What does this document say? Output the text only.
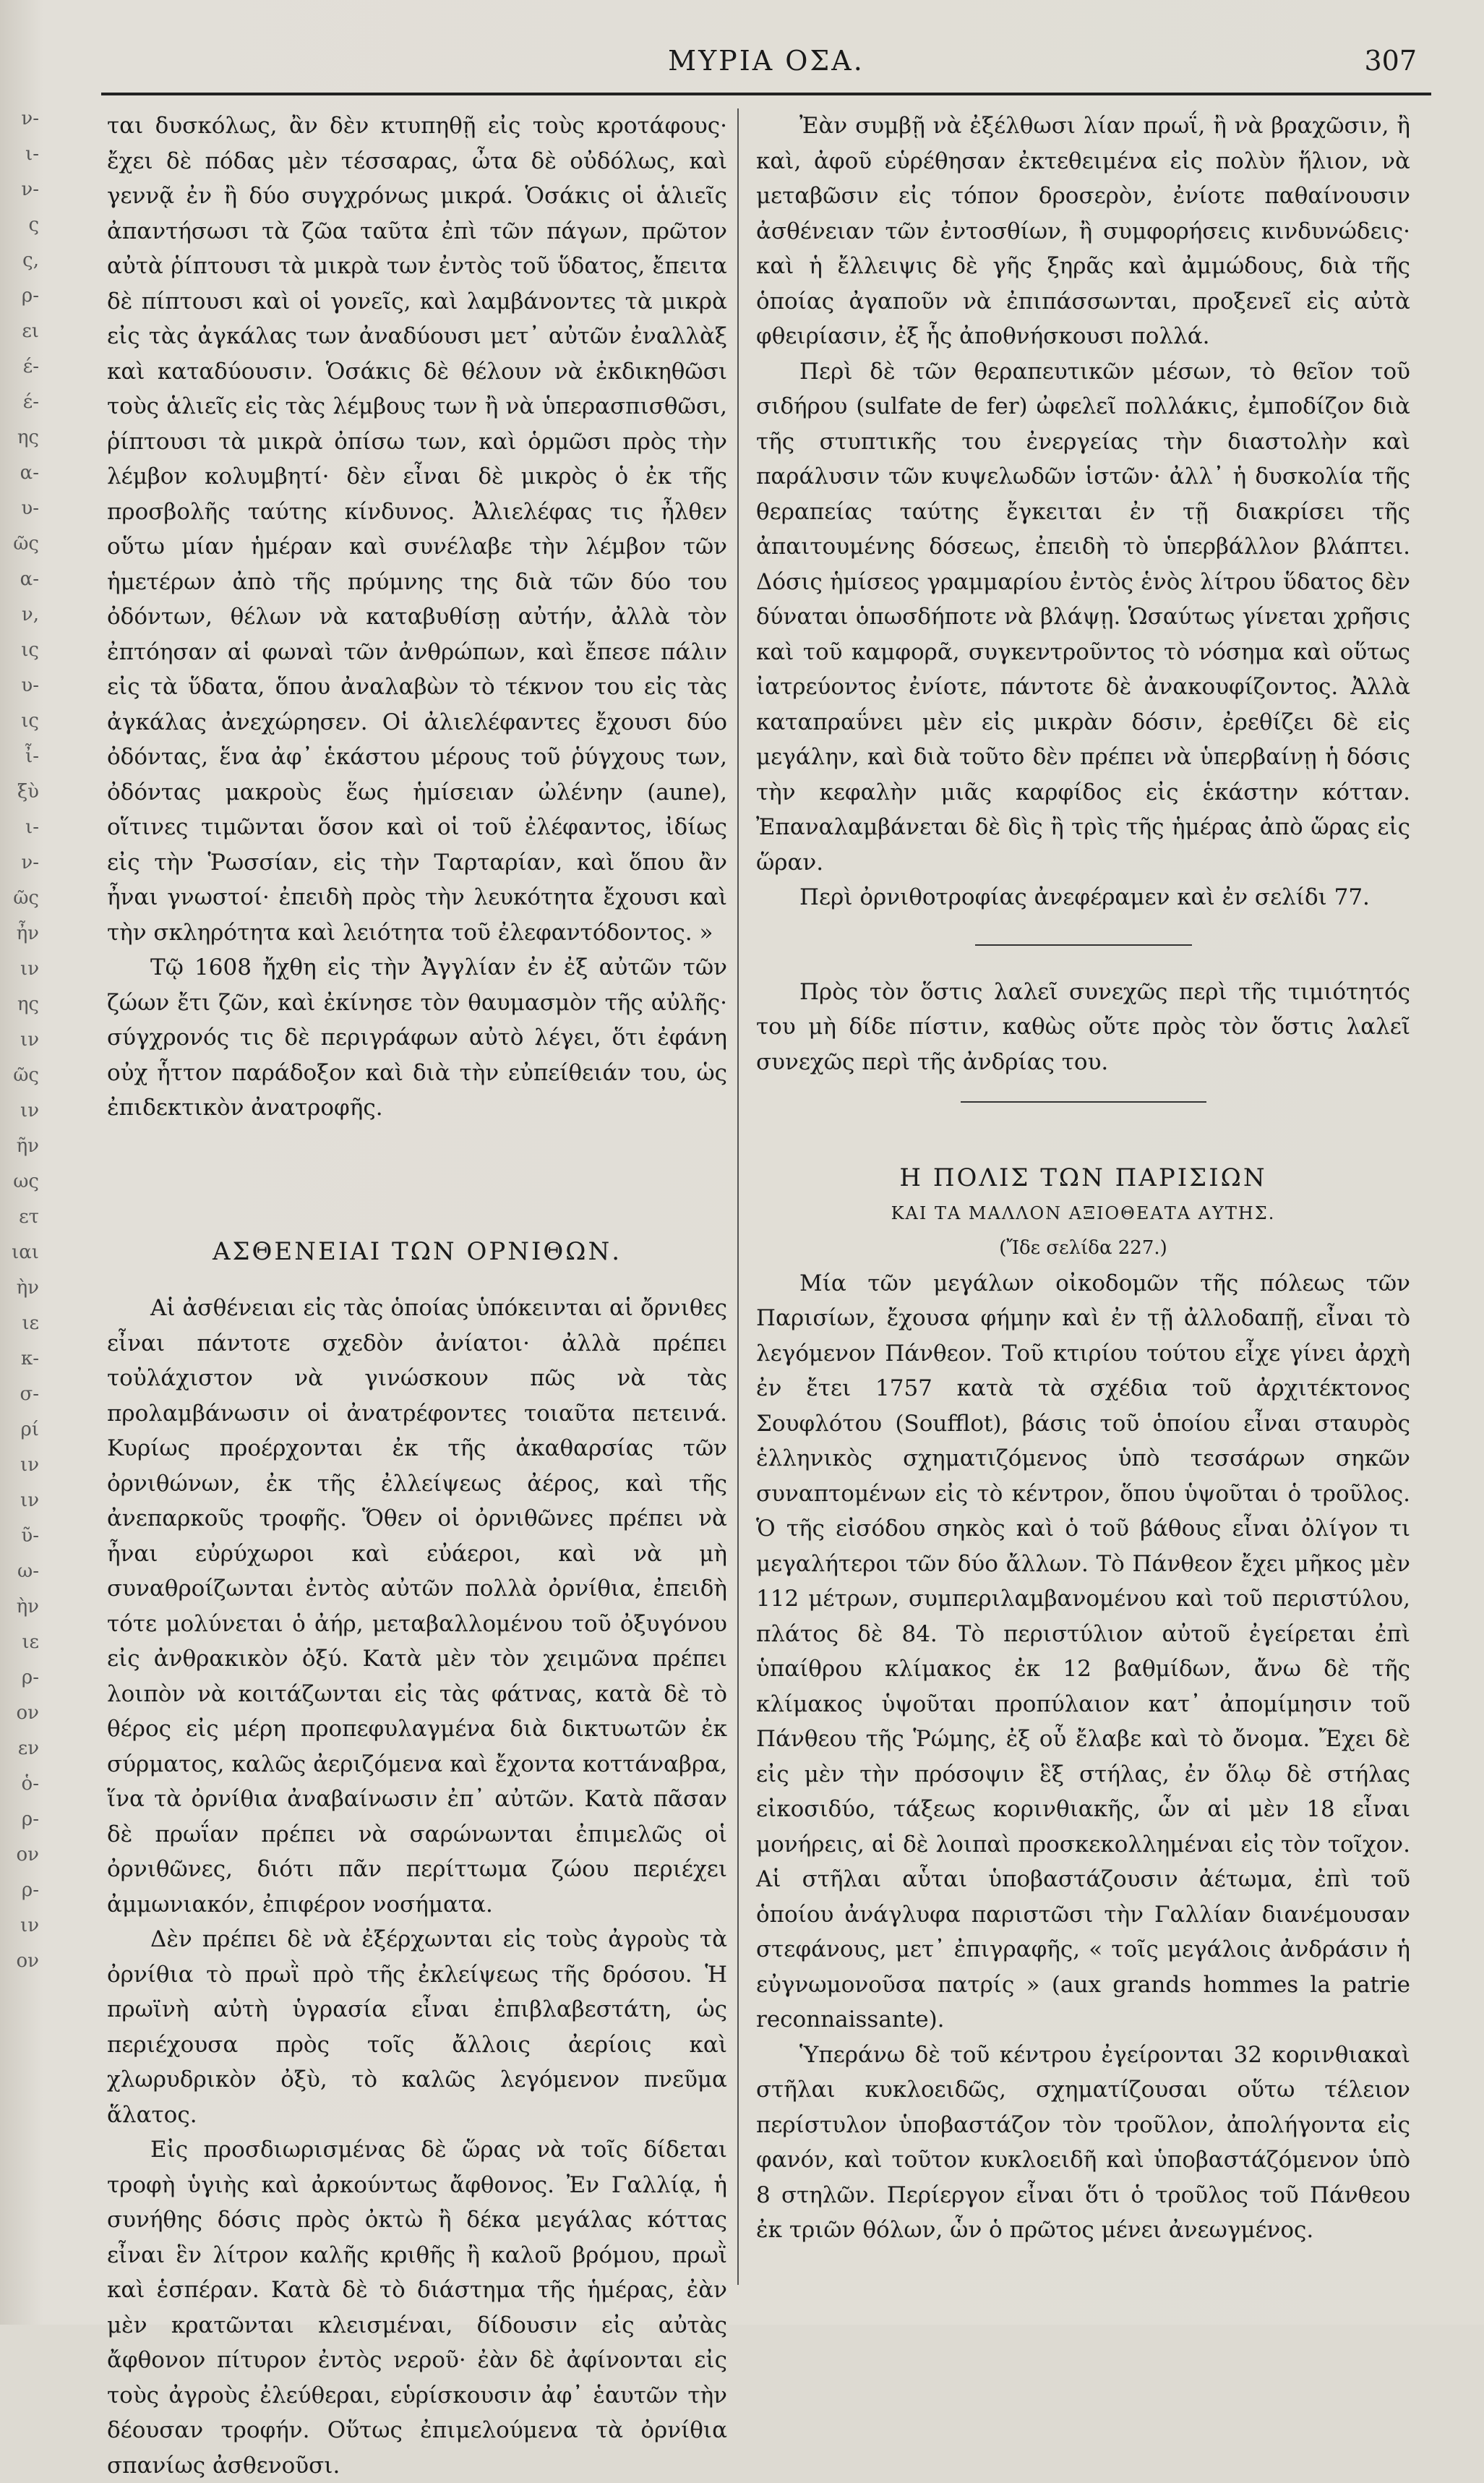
ν-
ι-
ν-
ς
ς,
ρ-
ει
έ-
έ-
ης
α-
υ-
ῶς
α-
ν,
ις
υ-
ις
ἶ-
ξὺ
ι-
ν-
ῶς
ἦν
ιν
ης
ιν
ῶς
ιν
ῆν
ως
ετ
ιαι
ὴν
ιε
κ-
σ-
ρί
ιν
ιν
ῦ-
ω-
ὴν
ιε
ρ-
ον
εν
ὁ-
ρ-
ον
ρ-
ιν
ον
ΜΥΡΙΑ ΟΣΑ.	307

ται δυσκόλως, ἂν δὲν κτυπηθῇ εἰς τοὺς κροτάφους· ἔχει δὲ πόδας μὲν τέσσαρας, ὦτα δὲ οὐδόλως, καὶ γεννᾷ ἐν ἢ δύο συγχρόνως μικρά. Ὁσάκις οἱ ἁλιεῖς ἀπαντήσωσι τὰ ζῶα ταῦτα ἐπὶ τῶν πάγων, πρῶτον αὐτὰ ῥίπτουσι τὰ μικρὰ των ἐντὸς τοῦ ὕδατος, ἔπειτα δὲ πίπτουσι καὶ οἱ γονεῖς, καὶ λαμβάνοντες τὰ μικρὰ εἰς τὰς ἀγκάλας των ἀναδύουσι μετ᾽ αὐτῶν ἐναλλὰξ καὶ καταδύουσιν. Ὁσάκις δὲ θέλουν νὰ ἐκδικηθῶσι τοὺς ἁλιεῖς εἰς τὰς λέμβους των ἢ νὰ ὑπερασπισθῶσι, ῥίπτουσι τὰ μικρὰ ὀπίσω των, καὶ ὁρμῶσι πρὸς τὴν λέμβον κολυμβητί· δὲν εἶναι δὲ μικρὸς ὁ ἐκ τῆς προσβολῆς ταύτης κίνδυνος. Ἀλιελέφας τις ἦλθεν οὕτω μίαν ἡμέραν καὶ συνέλαβε τὴν λέμβον τῶν ἡμετέρων ἀπὸ τῆς πρύμνης της διὰ τῶν δύο του ὀδόντων, θέλων νὰ καταβυθίσῃ αὐτήν, ἀλλὰ τὸν ἐπτόησαν αἱ φωναὶ τῶν ἀνθρώπων, καὶ ἔπεσε πάλιν εἰς τὰ ὕδατα, ὅπου ἀναλαβὼν τὸ τέκνον του εἰς τὰς ἀγκάλας ἀνεχώρησεν. Οἱ ἀλιελέφαντες ἔχουσι δύο ὀδόντας, ἕνα ἀφ᾽ ἑκάστου μέρους τοῦ ῥύγχους των, ὀδόντας μακροὺς ἕως ἡμίσειαν ὠλένην (aune), οἵτινες τιμῶνται ὅσον καὶ οἱ τοῦ ἐλέφαντος, ἰδίως εἰς τὴν Ῥωσσίαν, εἰς τὴν Ταρταρίαν, καὶ ὅπου ἂν ἦναι γνωστοί· ἐπειδὴ πρὸς τὴν λευκότητα ἔχουσι καὶ τὴν σκληρότητα καὶ λειότητα τοῦ ἐλεφαντόδοντος. »

Τῷ 1608 ἤχθη εἰς τὴν Ἀγγλίαν ἐν ἐξ αὐτῶν τῶν ζώων ἔτι ζῶν, καὶ ἐκίνησε τὸν θαυμασμὸν τῆς αὐλῆς· σύγχρονός τις δὲ περιγράφων αὐτὸ λέγει, ὅτι ἐφάνη οὐχ ἧττον παράδοξον καὶ διὰ τὴν εὐπείθειάν του, ὡς ἐπιδεκτικὸν ἀνατροφῆς.

ΑΣΘΕΝΕΙΑΙ ΤΩΝ ΟΡΝΙΘΩΝ.

Αἱ ἀσθένειαι εἰς τὰς ὁποίας ὑπόκεινται αἱ ὄρνιθες εἶναι πάντοτε σχεδὸν ἀνίατοι· ἀλλὰ πρέπει τοὐλάχιστον νὰ γινώσκουν πῶς νὰ τὰς προλαμβάνωσιν οἱ ἀνατρέφοντες τοιαῦτα πετεινά. Κυρίως προέρχονται ἐκ τῆς ἀκαθαρσίας τῶν ὀρνιθώνων, ἐκ τῆς ἐλλείψεως ἀέρος, καὶ τῆς ἀνεπαρκοῦς τροφῆς. Ὅθεν οἱ ὀρνιθῶνες πρέπει νὰ ἦναι εὐρύχωροι καὶ εὐάεροι, καὶ νὰ μὴ συναθροίζωνται ἐντὸς αὐτῶν πολλὰ ὀρνίθια, ἐπειδὴ τότε μολύνεται ὁ ἀήρ, μεταβαλλομένου τοῦ ὀξυγόνου εἰς ἀνθρακικὸν ὀξύ. Κατὰ μὲν τὸν χειμῶνα πρέπει λοιπὸν νὰ κοιτάζωνται εἰς τὰς φάτνας, κατὰ δὲ τὸ θέρος εἰς μέρη προπεφυλαγμένα διὰ δικτυωτῶν ἐκ σύρματος, καλῶς ἀεριζόμενα καὶ ἔχοντα κοττάναβρα, ἵνα τὰ ὀρνίθια ἀναβαίνωσιν ἐπ᾽ αὐτῶν. Κατὰ πᾶσαν δὲ πρωΐαν πρέπει νὰ σαρώνωνται ἐπιμελῶς οἱ ὀρνιθῶνες, διότι πᾶν περίττωμα ζώου περιέχει ἀμμωνιακόν, ἐπιφέρον νοσήματα.

Δὲν πρέπει δὲ νὰ ἐξέρχωνται εἰς τοὺς ἀγροὺς τὰ ὀρνίθια τὸ πρωῒ πρὸ τῆς ἐκλείψεως τῆς δρόσου. Ἡ πρωϊνὴ αὐτὴ ὑγρασία εἶναι ἐπιβλαβεστάτη, ὡς περιέχουσα πρὸς τοῖς ἄλλοις ἀερίοις καὶ χλωρυδρικὸν ὀξὺ, τὸ καλῶς λεγόμενον πνεῦμα ἅλατος.

Εἰς προσδιωρισμένας δὲ ὥρας νὰ τοῖς δίδεται τροφὴ ὑγιὴς καὶ ἀρκούντως ἄφθονος. Ἐν Γαλλίᾳ, ἡ συνήθης δόσις πρὸς ὀκτὼ ἢ δέκα μεγάλας κόττας εἶναι ἓν λίτρον καλῆς κριθῆς ἢ καλοῦ βρόμου, πρωῒ καὶ ἑσπέραν. Κατὰ δὲ τὸ διάστημα τῆς ἡμέρας, ἐὰν μὲν κρατῶνται κλεισμέναι, δίδουσιν εἰς αὐτὰς ἄφθονον πίτυρον ἐντὸς νεροῦ· ἐὰν δὲ ἀφίνονται εἰς τοὺς ἀγροὺς ἐλεύθεραι, εὑρίσκουσιν ἀφ᾽ ἑαυτῶν τὴν δέουσαν τροφήν. Οὕτως ἐπιμελούμενα τὰ ὀρνίθια σπανίως ἀσθενοῦσι.

Ἐὰν συμβῇ νὰ ἐξέλθωσι λίαν πρωΐ, ἢ νὰ βραχῶσιν, ἢ καὶ, ἀφοῦ εὑρέθησαν ἐκτεθειμένα εἰς πολὺν ἥλιον, νὰ μεταβῶσιν εἰς τόπον δροσερὸν, ἐνίοτε παθαίνουσιν ἀσθένειαν τῶν ἐντοσθίων, ἢ συμφορήσεις κινδυνώδεις· καὶ ἡ ἔλλειψις δὲ γῆς ξηρᾶς καὶ ἀμμώδους, διὰ τῆς ὁποίας ἀγαποῦν νὰ ἐπιπάσσωνται, προξενεῖ εἰς αὐτὰ φθειρίασιν, ἐξ ἧς ἀποθνήσκουσι πολλά.

Περὶ δὲ τῶν θεραπευτικῶν μέσων, τὸ θεῖον τοῦ σιδήρου (sulfate de fer) ὠφελεῖ πολλάκις, ἐμποδίζον διὰ τῆς στυπτικῆς του ἐνεργείας τὴν διαστολὴν καὶ παράλυσιν τῶν κυψελωδῶν ἱστῶν· ἀλλ᾽ ἡ δυσκολία τῆς θεραπείας ταύτης ἔγκειται ἐν τῇ διακρίσει τῆς ἀπαιτουμένης δόσεως, ἐπειδὴ τὸ ὑπερβάλλον βλάπτει. Δόσις ἡμίσεος γραμμαρίου ἐντὸς ἑνὸς λίτρου ὕδατος δὲν δύναται ὁπωσδήποτε νὰ βλάψῃ. Ὡσαύτως γίνεται χρῆσις καὶ τοῦ καμφορᾶ, συγκεντροῦντος τὸ νόσημα καὶ οὕτως ἰατρεύοντος ἐνίοτε, πάντοτε δὲ ἀνακουφίζοντος. Ἀλλὰ καταπραΰνει μὲν εἰς μικρὰν δόσιν, ἐρεθίζει δὲ εἰς μεγάλην, καὶ διὰ τοῦτο δὲν πρέπει νὰ ὑπερβαίνῃ ἡ δόσις τὴν κεφαλὴν μιᾶς καρφίδος εἰς ἑκάστην κότταν. Ἐπαναλαμβάνεται δὲ δὶς ἢ τρὶς τῆς ἡμέρας ἀπὸ ὥρας εἰς ὥραν.

Περὶ ὀρνιθοτροφίας ἀνεφέραμεν καὶ ἐν σελίδι 77.

Πρὸς τὸν ὅστις λαλεῖ συνεχῶς περὶ τῆς τιμιότητός του μὴ δίδε πίστιν, καθὼς οὔτε πρὸς τὸν ὅστις λαλεῖ συνεχῶς περὶ τῆς ἀνδρίας του.

Η ΠΟΛΙΣ ΤΩΝ ΠΑΡΙΣΙΩΝ

ΚΑΙ ΤΑ ΜΑΛΛΟΝ ΑΞΙΟΘΕΑΤΑ ΑΥΤΗΣ.

(Ἴδε σελίδα 227.)

Μία τῶν μεγάλων οἰκοδομῶν τῆς πόλεως τῶν Παρισίων, ἔχουσα φήμην καὶ ἐν τῇ ἀλλοδαπῇ, εἶναι τὸ λεγόμενον Πάνθεον. Τοῦ κτιρίου τούτου εἶχε γίνει ἀρχὴ ἐν ἔτει 1757 κατὰ τὰ σχέδια τοῦ ἀρχιτέκτονος Σουφλότου (Soufflot), βάσις τοῦ ὁποίου εἶναι σταυρὸς ἑλληνικὸς σχηματιζόμενος ὑπὸ τεσσάρων σηκῶν συναπτομένων εἰς τὸ κέντρον, ὅπου ὑψοῦται ὁ τροῦλος. Ὁ τῆς εἰσόδου σηκὸς καὶ ὁ τοῦ βάθους εἶναι ὀλίγον τι μεγαλήτεροι τῶν δύο ἄλλων. Τὸ Πάνθεον ἔχει μῆκος μὲν 112 μέτρων, συμπεριλαμβανομένου καὶ τοῦ περιστύλου, πλάτος δὲ 84. Τὸ περιστύλιον αὐτοῦ ἐγείρεται ἐπὶ ὑπαίθρου κλίμακος ἐκ 12 βαθμίδων, ἄνω δὲ τῆς κλίμακος ὑψοῦται προπύλαιον κατ᾽ ἀπομίμησιν τοῦ Πάνθεου τῆς Ῥώμης, ἐξ οὗ ἔλαβε καὶ τὸ ὄνομα. Ἔχει δὲ εἰς μὲν τὴν πρόσοψιν ἓξ στήλας, ἐν ὅλῳ δὲ στήλας εἰκοσιδύο, τάξεως κορινθιακῆς, ὧν αἱ μὲν 18 εἶναι μονήρεις, αἱ δὲ λοιπαὶ προσκεκολλημέναι εἰς τὸν τοῖχον. Αἱ στῆλαι αὗται ὑποβαστάζουσιν ἀέτωμα, ἐπὶ τοῦ ὁποίου ἀνάγλυφα παριστῶσι τὴν Γαλλίαν διανέμουσαν στεφάνους, μετ᾽ ἐπιγραφῆς, « τοῖς μεγάλοις ἀνδράσιν ἡ εὐγνωμονοῦσα πατρίς » (aux grands hommes la patrie reconnaissante).

Ὑπεράνω δὲ τοῦ κέντρου ἐγείρονται 32 κορινθιακαὶ στῆλαι κυκλοειδῶς, σχηματίζουσαι οὕτω τέλειον περίστυλον ὑποβαστάζον τὸν τροῦλον, ἀπολήγοντα εἰς φανόν, καὶ τοῦτον κυκλοειδῆ καὶ ὑποβαστάζόμενον ὑπὸ 8 στηλῶν. Περίεργον εἶναι ὅτι ὁ τροῦλος τοῦ Πάνθεου ἐκ τριῶν θόλων, ὧν ὁ πρῶτος μένει ἀνεωγμένος.
